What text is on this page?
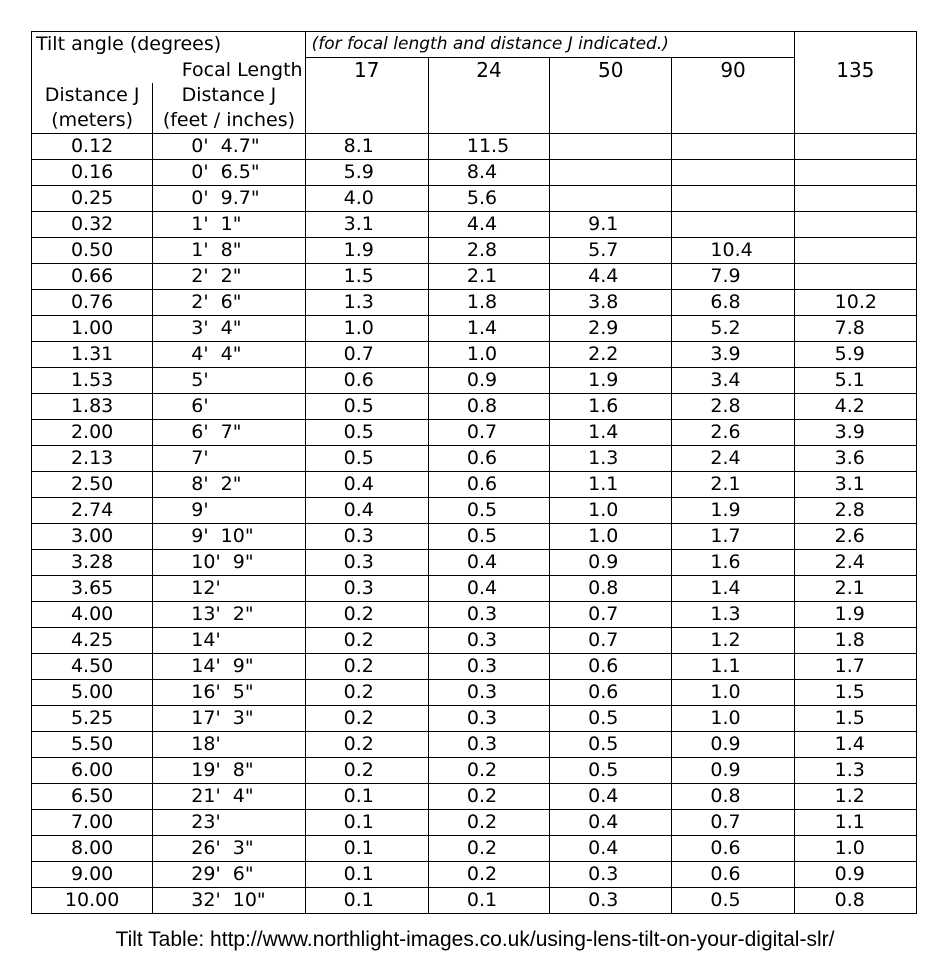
Tilt angle (degrees)		(for focal length and distance J indicated.)				
	Focal Length	17	24	50	90	135
Distance J	Distance J					
(meters)	(feet / inches)					
0.12	0'  4.7"	8.1	11.5			
0.16	0'  6.5"	5.9	8.4			
0.25	0'  9.7"	4.0	5.6			
0.32	1'  1"	3.1	4.4	9.1		
0.50	1'  8"	1.9	2.8	5.7	10.4	
0.66	2'  2"	1.5	2.1	4.4	7.9	
0.76	2'  6"	1.3	1.8	3.8	6.8	10.2
1.00	3'  4"	1.0	1.4	2.9	5.2	7.8
1.31	4'  4"	0.7	1.0	2.2	3.9	5.9
1.53	5'	0.6	0.9	1.9	3.4	5.1
1.83	6'	0.5	0.8	1.6	2.8	4.2
2.00	6'  7"	0.5	0.7	1.4	2.6	3.9
2.13	7'	0.5	0.6	1.3	2.4	3.6
2.50	8'  2"	0.4	0.6	1.1	2.1	3.1
2.74	9'	0.4	0.5	1.0	1.9	2.8
3.00	9'  10"	0.3	0.5	1.0	1.7	2.6
3.28	10'  9"	0.3	0.4	0.9	1.6	2.4
3.65	12'	0.3	0.4	0.8	1.4	2.1
4.00	13'  2"	0.2	0.3	0.7	1.3	1.9
4.25	14'	0.2	0.3	0.7	1.2	1.8
4.50	14'  9"	0.2	0.3	0.6	1.1	1.7
5.00	16'  5"	0.2	0.3	0.6	1.0	1.5
5.25	17'  3"	0.2	0.3	0.5	1.0	1.5
5.50	18'	0.2	0.3	0.5	0.9	1.4
6.00	19'  8"	0.2	0.2	0.5	0.9	1.3
6.50	21'  4"	0.1	0.2	0.4	0.8	1.2
7.00	23'	0.1	0.2	0.4	0.7	1.1
8.00	26'  3"	0.1	0.2	0.4	0.6	1.0
9.00	29'  6"	0.1	0.2	0.3	0.6	0.9
10.00	32'  10"	0.1	0.1	0.3	0.5	0.8
Tilt Table: http://www.northlight-images.co.uk/using-lens-tilt-on-your-digital-slr/
